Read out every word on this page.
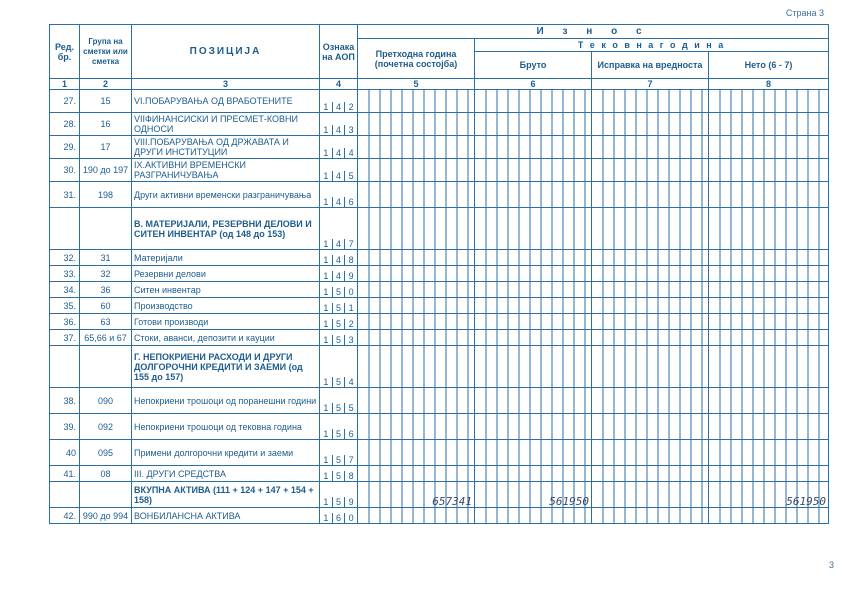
Страна 3
3
Ред. бр.	Група на сметки или сметка	ПОЗИЦИЈА	Ознака на АОП	И з н о с			
				Претходна година (почетна состојба)	Т е к о в н а г о д и н а		
					Бруто	Исправка на вредноста	Нето (6 - 7)
1	2	3	4	5	6	7	8
27.	15	VI.ПОБАРУВАЊА ОД ВРАБОТЕНИТЕ	1 4 2				

28.	16	VIIФИНАНСИСКИ И ПРЕСМЕТ-КОВНИ ОДНОСИ	1 4 3				

29.	17	VIII.ПОБАРУВАЊА ОД ДРЖАВАТА И ДРУГИ ИНСТИТУЦИИ	1 4 4				

30.	190 до 197	IX.АКТИВНИ ВРЕМЕНСКИ РАЗГРАНИЧУВАЊА	1 4 5				

31.	198	Други активни временски разграничувања	1 4 6				

		В. МАТЕРИЈАЛИ, РЕЗЕРВНИ ДЕЛОВИ И СИТЕН ИНВЕНТАР (од 148 до 153)	1 4 7				

32.	31	Материјали	1 4 8				

33.	32	Резервни делови	1 4 9				

34.	36	Ситен инвентар	1 5 0				

35.	60	Производство	1 5 1				

36.	63	Готови производи	1 5 2				

37.	65,66 и 67	Стоки, аванси, депозити и кауции	1 5 3				

		Г. НЕПОКРИЕНИ РАСХОДИ И ДРУГИ ДОЛГОРОЧНИ КРЕДИТИ И ЗАЕМИ (од 155 до 157)	1 5 4				

38.	090	Непокриени трошоци од поранешни години	1 5 5				

39.	092	Непокриени трошоци од тековна година	1 5 6				

40	095	Примени долгорочни кредити и заеми	1 5 7				

41.	08	III. ДРУГИ СРЕДСТВА	1 5 8				

		ВКУПНА АКТИВА (111 + 124 + 147 + 154 + 158)	1 5 9	657341	561950		561950
42.	990 до 994	ВОНБИЛАНСНА АКТИВА	1 6 0				
